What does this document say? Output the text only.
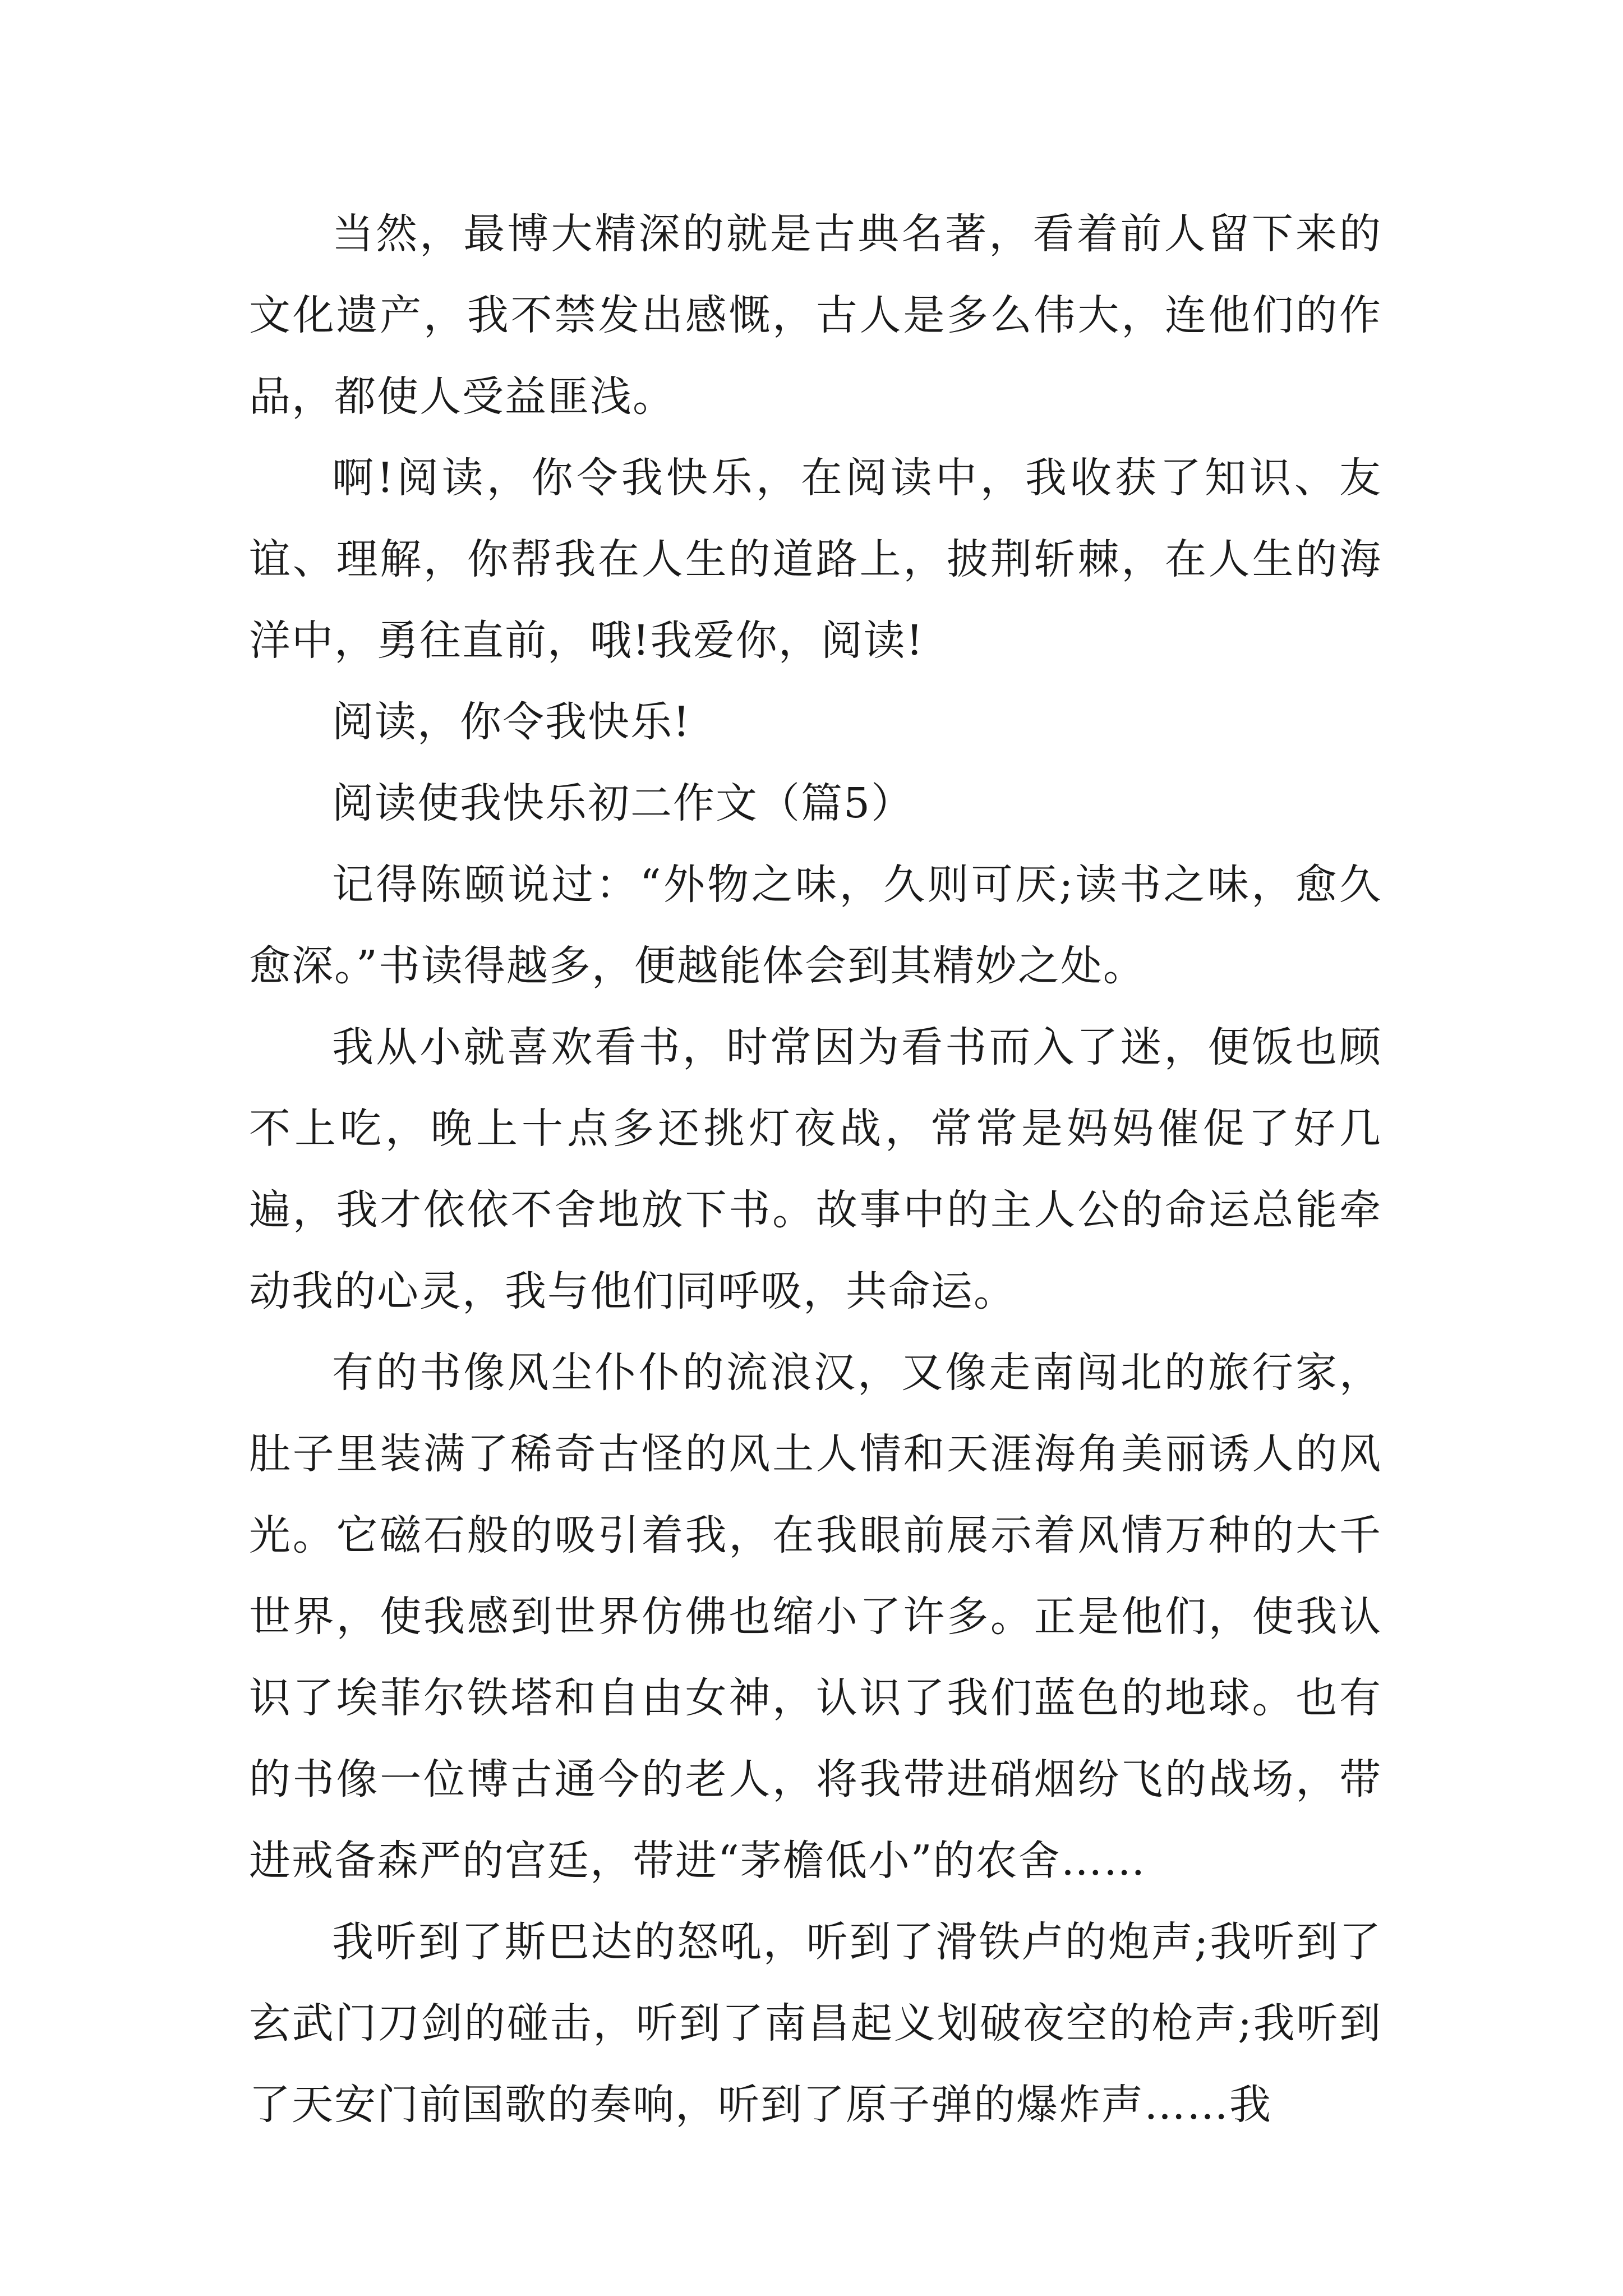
当然，最博大精深的就是古典名著，看着前人留下来的文化遗产，我不禁发出感慨，古人是多么伟大，连他们的作品，都使人受益匪浅。

啊!阅读，你令我快乐，在阅读中，我收获了知识、友谊、理解，你帮我在人生的道路上，披荆斩棘，在人生的海洋中，勇往直前，哦!我爱你，阅读!

阅读，你令我快乐!

阅读使我快乐初二作文（篇5）

记得陈颐说过：“外物之味，久则可厌;读书之味，愈久愈深。”书读得越多，便越能体会到其精妙之处。

我从小就喜欢看书，时常因为看书而入了迷，便饭也顾不上吃，晚上十点多还挑灯夜战，常常是妈妈催促了好几遍，我才依依不舍地放下书。故事中的主人公的命运总能牵动我的心灵，我与他们同呼吸，共命运。

有的书像风尘仆仆的流浪汉，又像走南闯北的旅行家，肚子里装满了稀奇古怪的风土人情和天涯海角美丽诱人的风光。它磁石般的吸引着我，在我眼前展示着风情万种的大千世界，使我感到世界仿佛也缩小了许多。正是他们，使我认识了埃菲尔铁塔和自由女神，认识了我们蓝色的地球。也有的书像一位博古通今的老人，将我带进硝烟纷飞的战场，带进戒备森严的宫廷，带进“茅檐低小”的农舍……

我听到了斯巴达的怒吼，听到了滑铁卢的炮声;我听到了玄武门刀剑的碰击，听到了南昌起义划破夜空的枪声;我听到了天安门前国歌的奏响，听到了原子弹的爆炸声……我
